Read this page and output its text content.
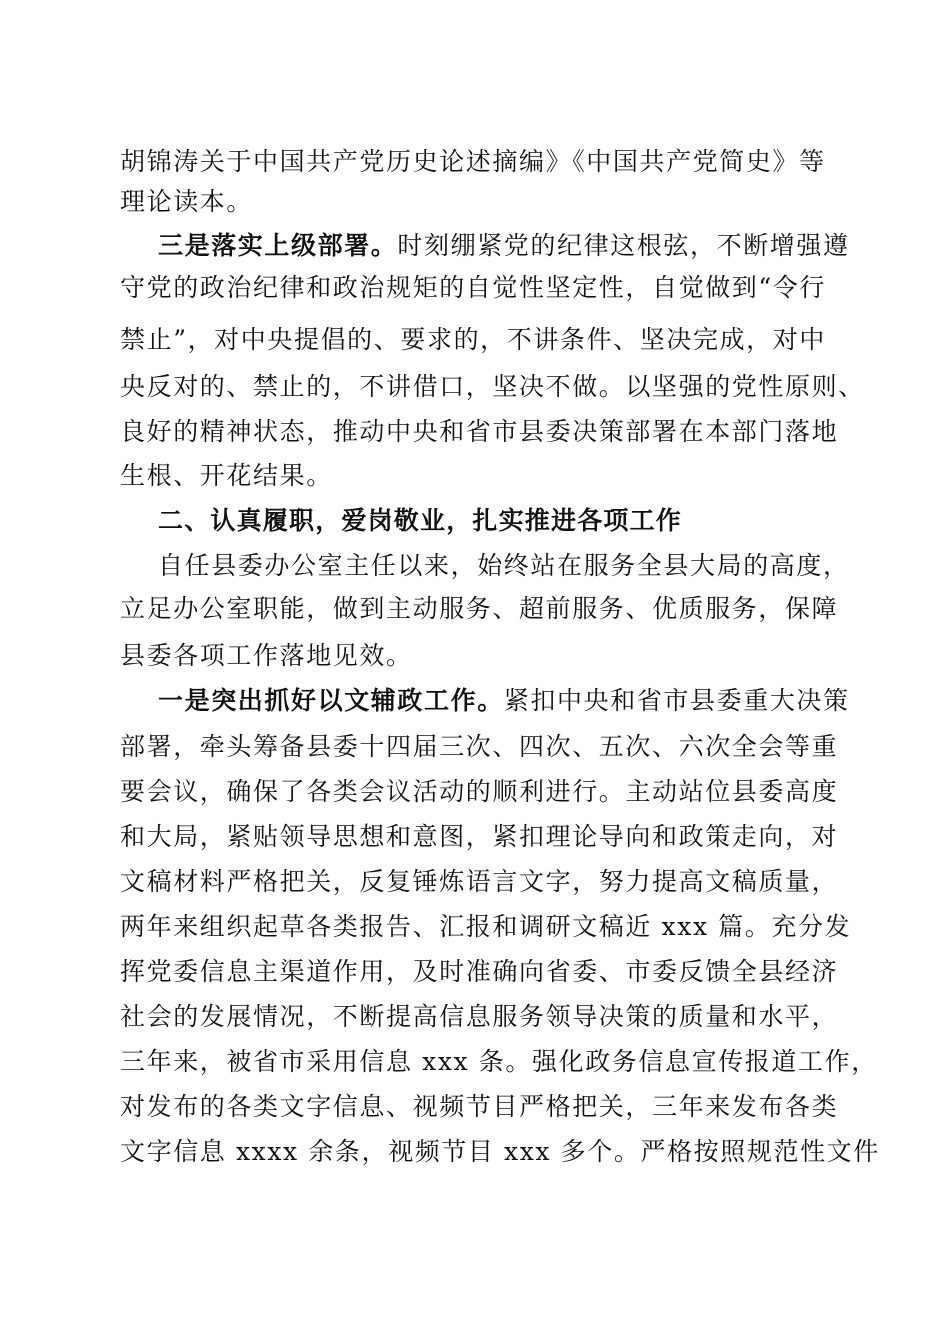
胡锦涛关于中国共产党历史论述摘编》《中国共产党简史》等
理论读本。
三是落实上级部署。时刻绷紧党的纪律这根弦，不断增强遵
守党的政治纪律和政治规矩的自觉性坚定性，自觉做到“令行
禁止”，对中央提倡的、要求的，不讲条件、坚决完成，对中
央反对的、禁止的，不讲借口，坚决不做。以坚强的党性原则、
良好的精神状态，推动中央和省市县委决策部署在本部门落地
生根、开花结果。
二、认真履职，爱岗敬业，扎实推进各项工作
自任县委办公室主任以来，始终站在服务全县大局的高度，
立足办公室职能，做到主动服务、超前服务、优质服务，保障
县委各项工作落地见效。
一是突出抓好以文辅政工作。紧扣中央和省市县委重大决策
部署，牵头筹备县委十四届三次、四次、五次、六次全会等重
要会议，确保了各类会议活动的顺利进行。主动站位县委高度
和大局，紧贴领导思想和意图，紧扣理论导向和政策走向，对
文稿材料严格把关，反复锤炼语言文字，努力提高文稿质量，
两年来组织起草各类报告、汇报和调研文稿近 xxx 篇。充分发
挥党委信息主渠道作用，及时准确向省委、市委反馈全县经济
社会的发展情况，不断提高信息服务领导决策的质量和水平，
三年来，被省市采用信息 xxx 条。强化政务信息宣传报道工作，
对发布的各类文字信息、视频节目严格把关，三年来发布各类
文字信息 xxxx 余条，视频节目 xxx 多个。严格按照规范性文件
